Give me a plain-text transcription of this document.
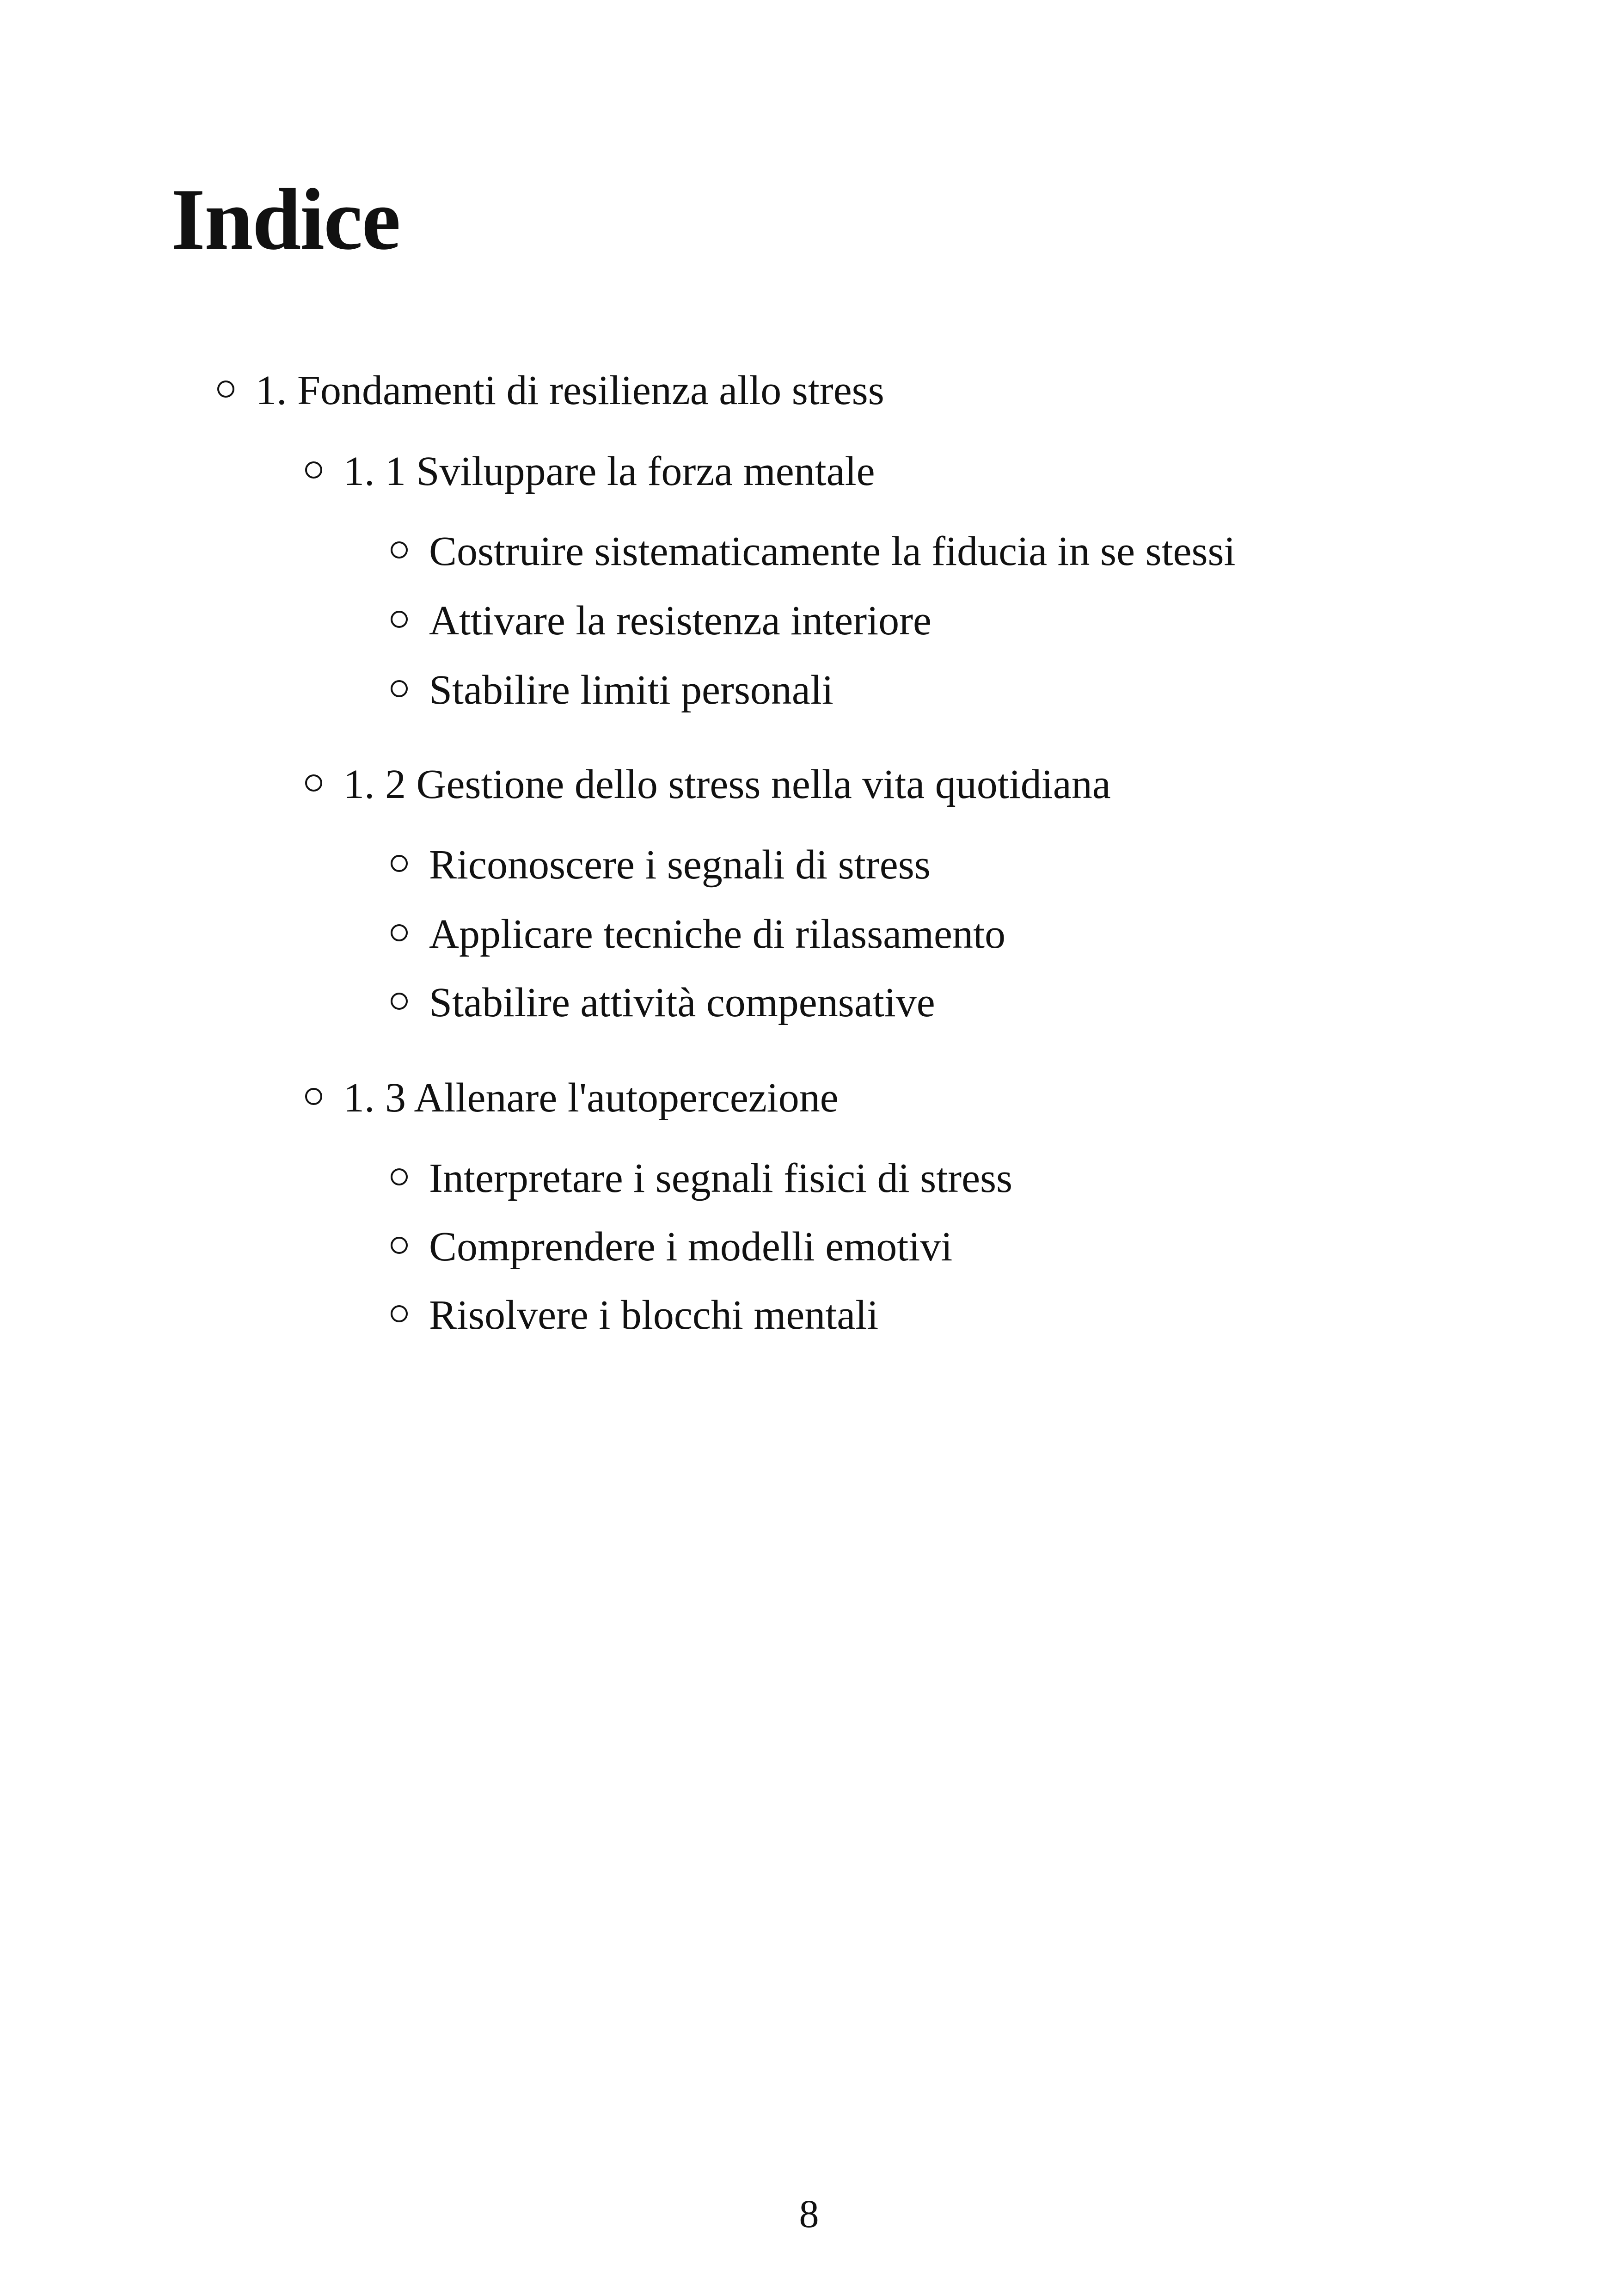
Indice
1. Fondamenti di resilienza allo stress
1. 1 Sviluppare la forza mentale
Costruire sistematicamente la fiducia in se stessi
Attivare la resistenza interiore
Stabilire limiti personali
1. 2 Gestione dello stress nella vita quotidiana
Riconoscere i segnali di stress
Applicare tecniche di rilassamento
Stabilire attività compensative
1. 3 Allenare l'autopercezione
Interpretare i segnali fisici di stress
Comprendere i modelli emotivi
Risolvere i blocchi mentali
8
